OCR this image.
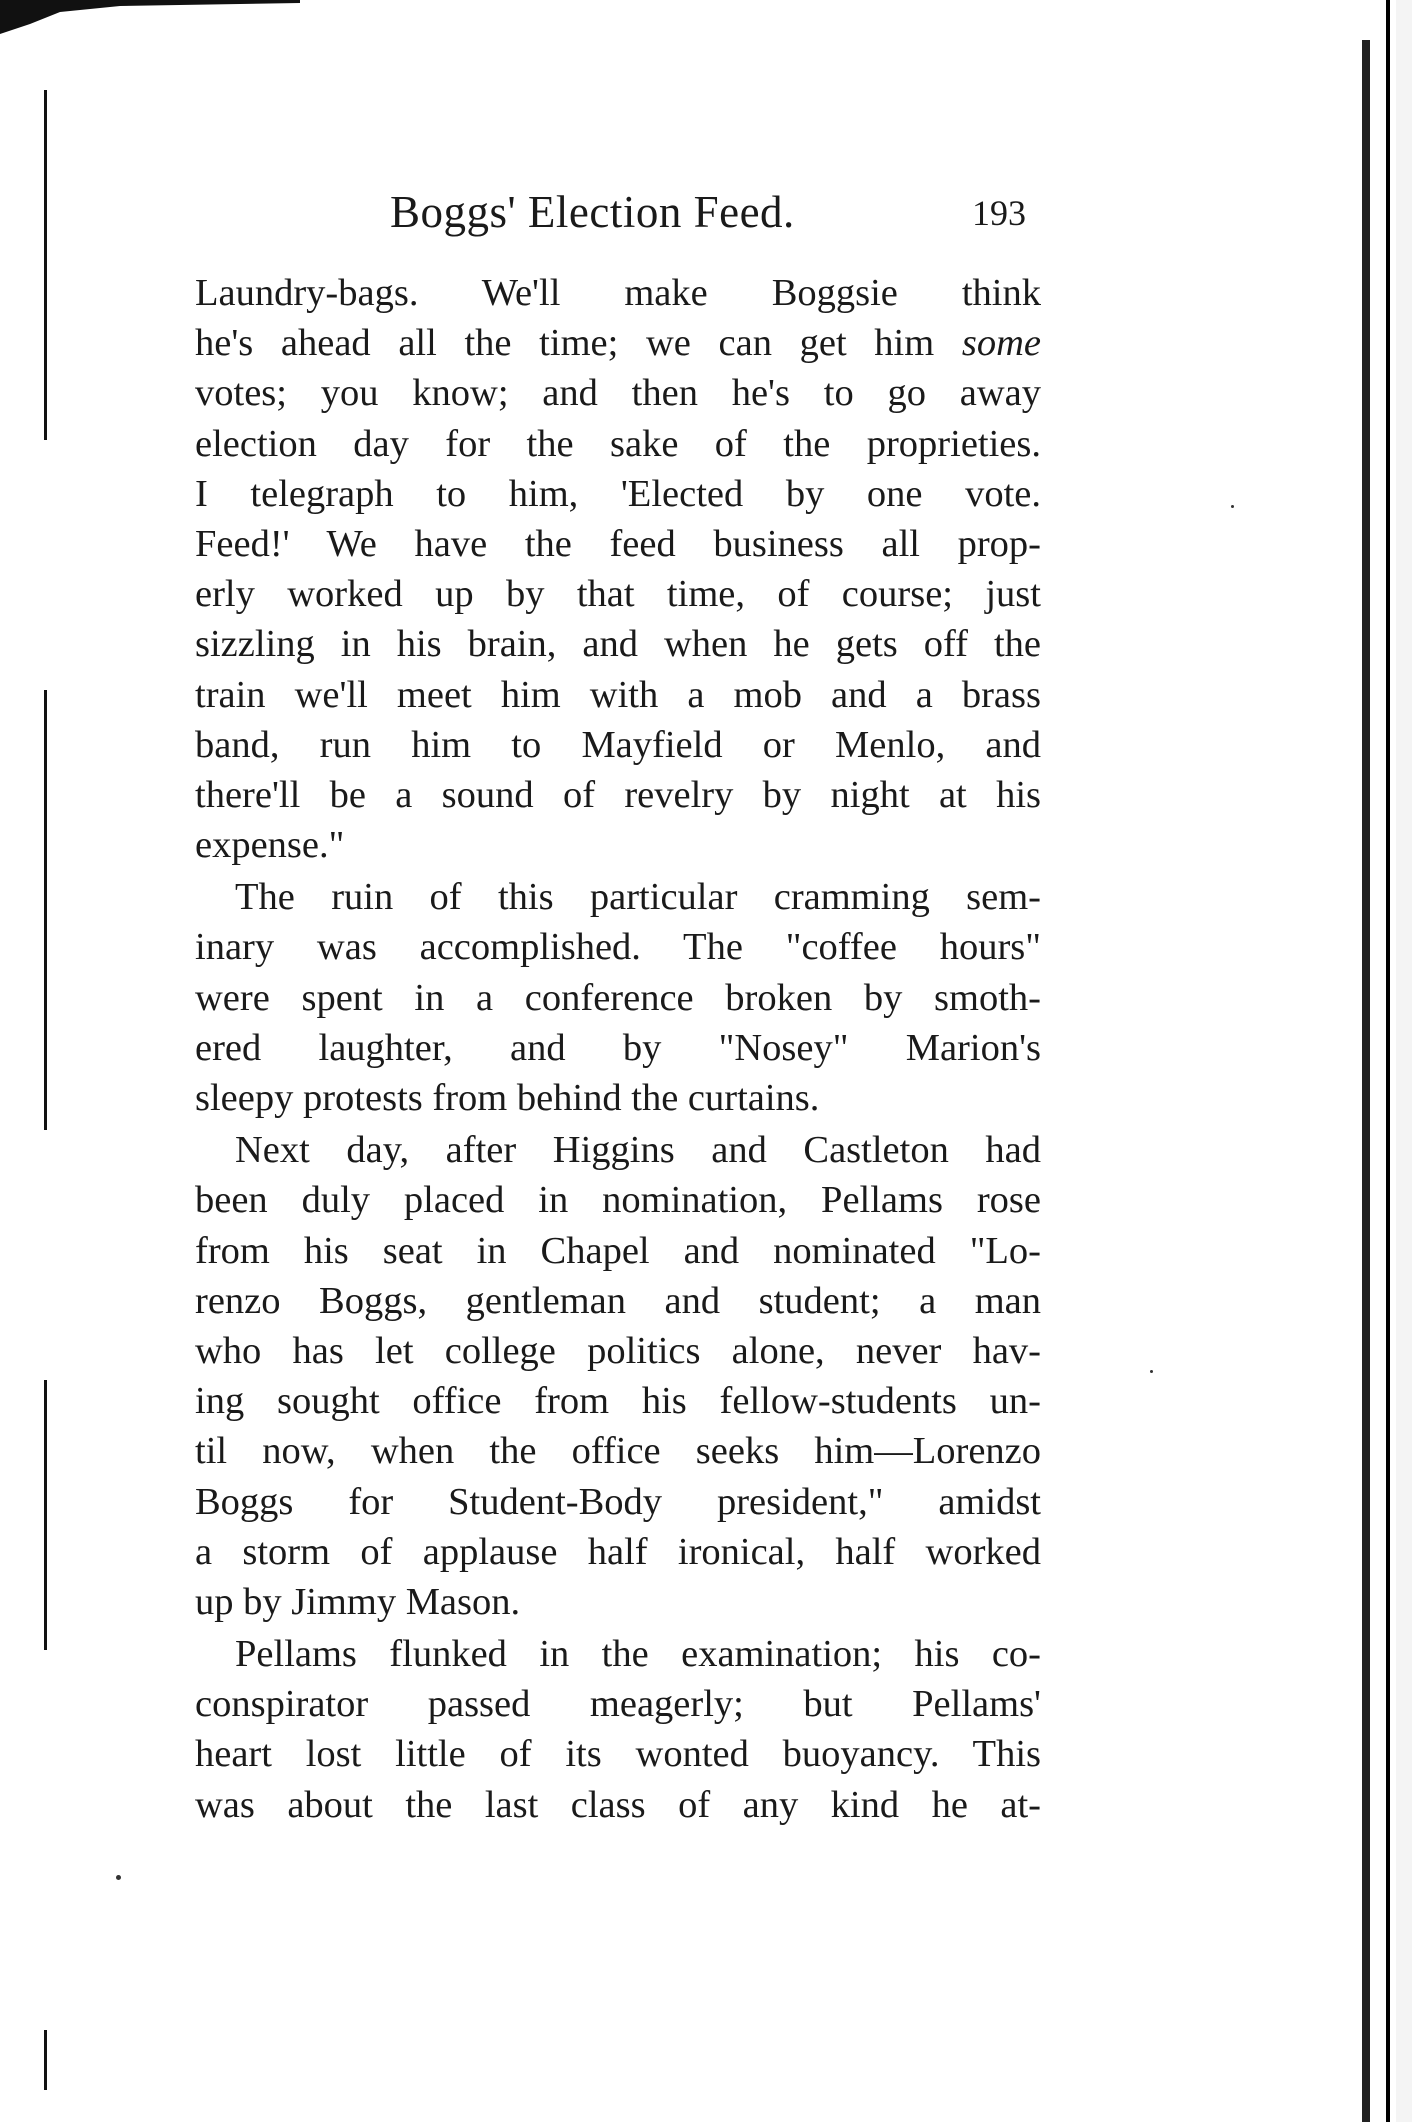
Boggs' Election Feed.	193
Laundry-bags. We'll make Boggsie think
he's ahead all the time; we can get him some
votes; you know; and then he's to go away
election day for the sake of the proprieties.
I telegraph to him, 'Elected by one vote.
Feed!' We have the feed business all prop-
erly worked up by that time, of course; just
sizzling in his brain, and when he gets off the
train we'll meet him with a mob and a brass
band, run him to Mayfield or Menlo, and
there'll be a sound of revelry by night at his
expense."
The ruin of this particular cramming sem-
inary was accomplished. The "coffee hours"
were spent in a conference broken by smoth-
ered laughter, and by "Nosey" Marion's
sleepy protests from behind the curtains.
Next day, after Higgins and Castleton had
been duly placed in nomination, Pellams rose
from his seat in Chapel and nominated "Lo-
renzo Boggs, gentleman and student; a man
who has let college politics alone, never hav-
ing sought office from his fellow-students un-
til now, when the office seeks him—Lorenzo
Boggs for Student-Body president," amidst
a storm of applause half ironical, half worked
up by Jimmy Mason.
Pellams flunked in the examination; his co-
conspirator passed meagerly; but Pellams'
heart lost little of its wonted buoyancy. This
was about the last class of any kind he at-
